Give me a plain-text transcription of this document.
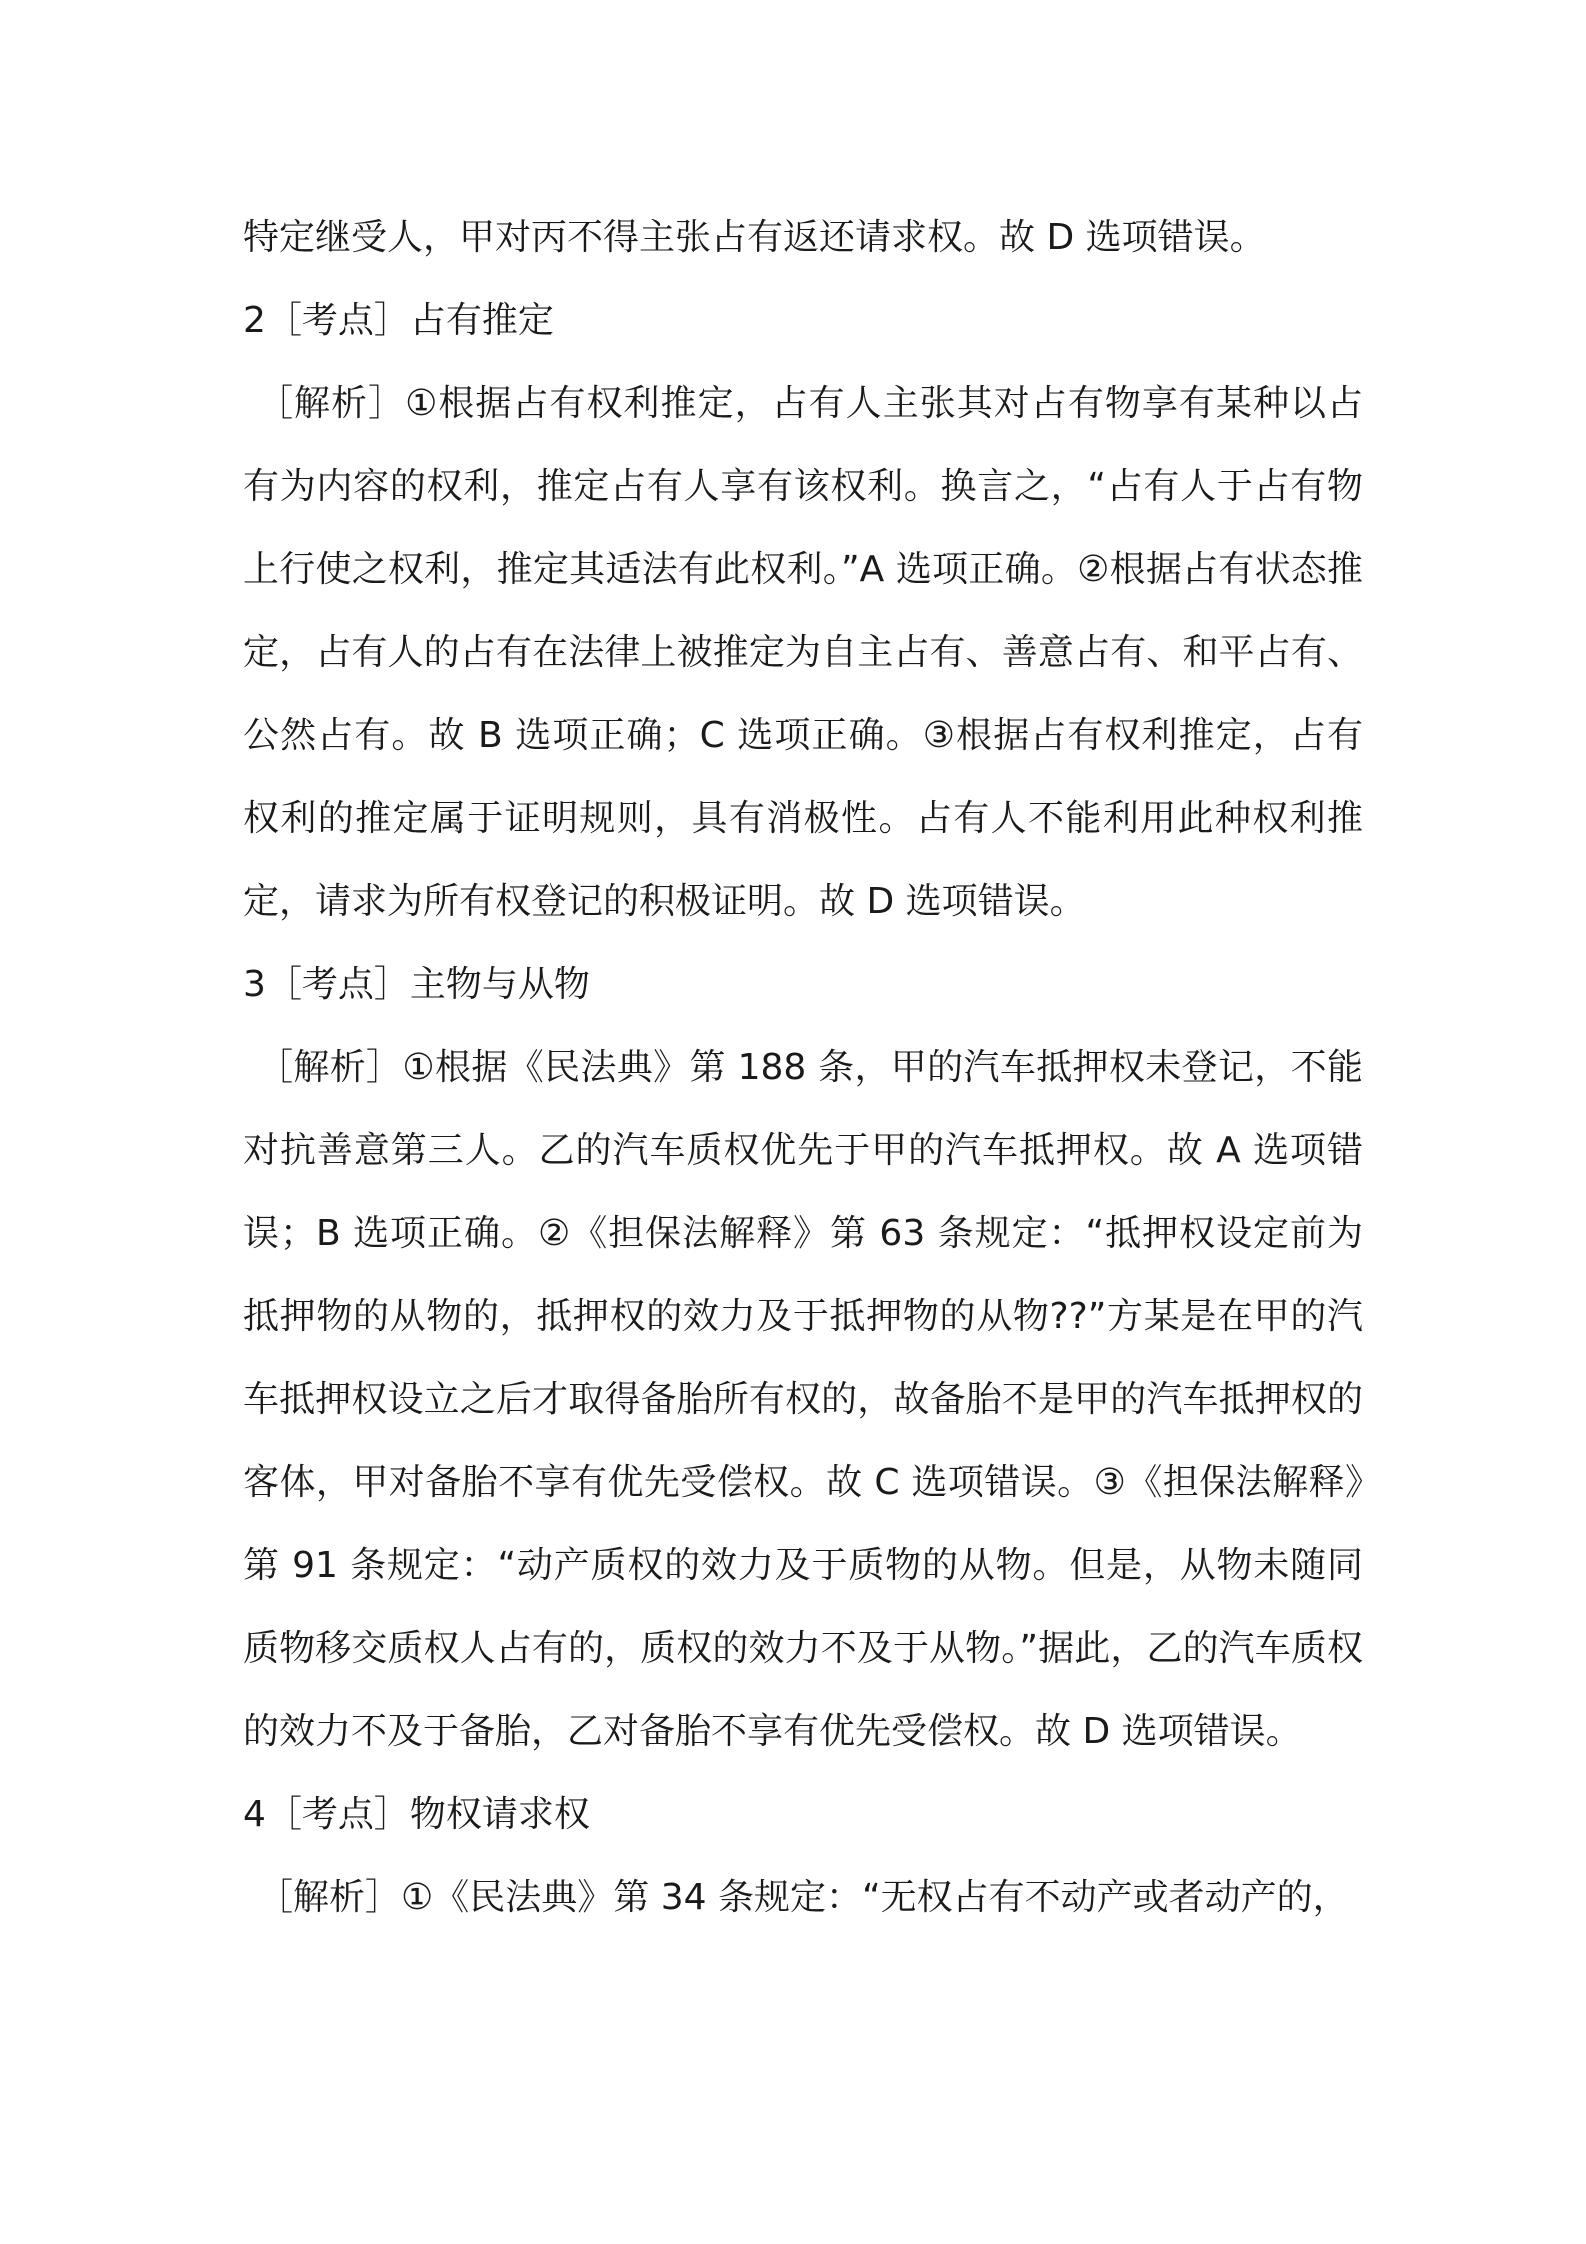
特定继受人，甲对丙不得主张占有返还请求权。故 D 选项错误。

2［考点］占有推定

［解析］①根据占有权利推定，占有人主张其对占有物享有某种以占有为内容的权利，推定占有人享有该权利。换言之，“占有人于占有物上行使之权利，推定其适法有此权利。”A 选项正确。②根据占有状态推定，占有人的占有在法律上被推定为自主占有、善意占有、和平占有、公然占有。故 B 选项正确；C 选项正确。③根据占有权利推定，占有权利的推定属于证明规则，具有消极性。占有人不能利用此种权利推定，请求为所有权登记的积极证明。故 D 选项错误。

3［考点］主物与从物

［解析］①根据《民法典》第 188 条，甲的汽车抵押权未登记，不能对抗善意第三人。乙的汽车质权优先于甲的汽车抵押权。故 A 选项错误；B 选项正确。②《担保法解释》第 63 条规定：“抵押权设定前为抵押物的从物的，抵押权的效力及于抵押物的从物??”方某是在甲的汽车抵押权设立之后才取得备胎所有权的，故备胎不是甲的汽车抵押权的客体，甲对备胎不享有优先受偿权。故 C 选项错误。③《担保法解释》第 91 条规定：“动产质权的效力及于质物的从物。但是，从物未随同质物移交质权人占有的，质权的效力不及于从物。”据此，乙的汽车质权的效力不及于备胎，乙对备胎不享有优先受偿权。故 D 选项错误。

4［考点］物权请求权

［解析］①《民法典》第 34 条规定：“无权占有不动产或者动产的，
